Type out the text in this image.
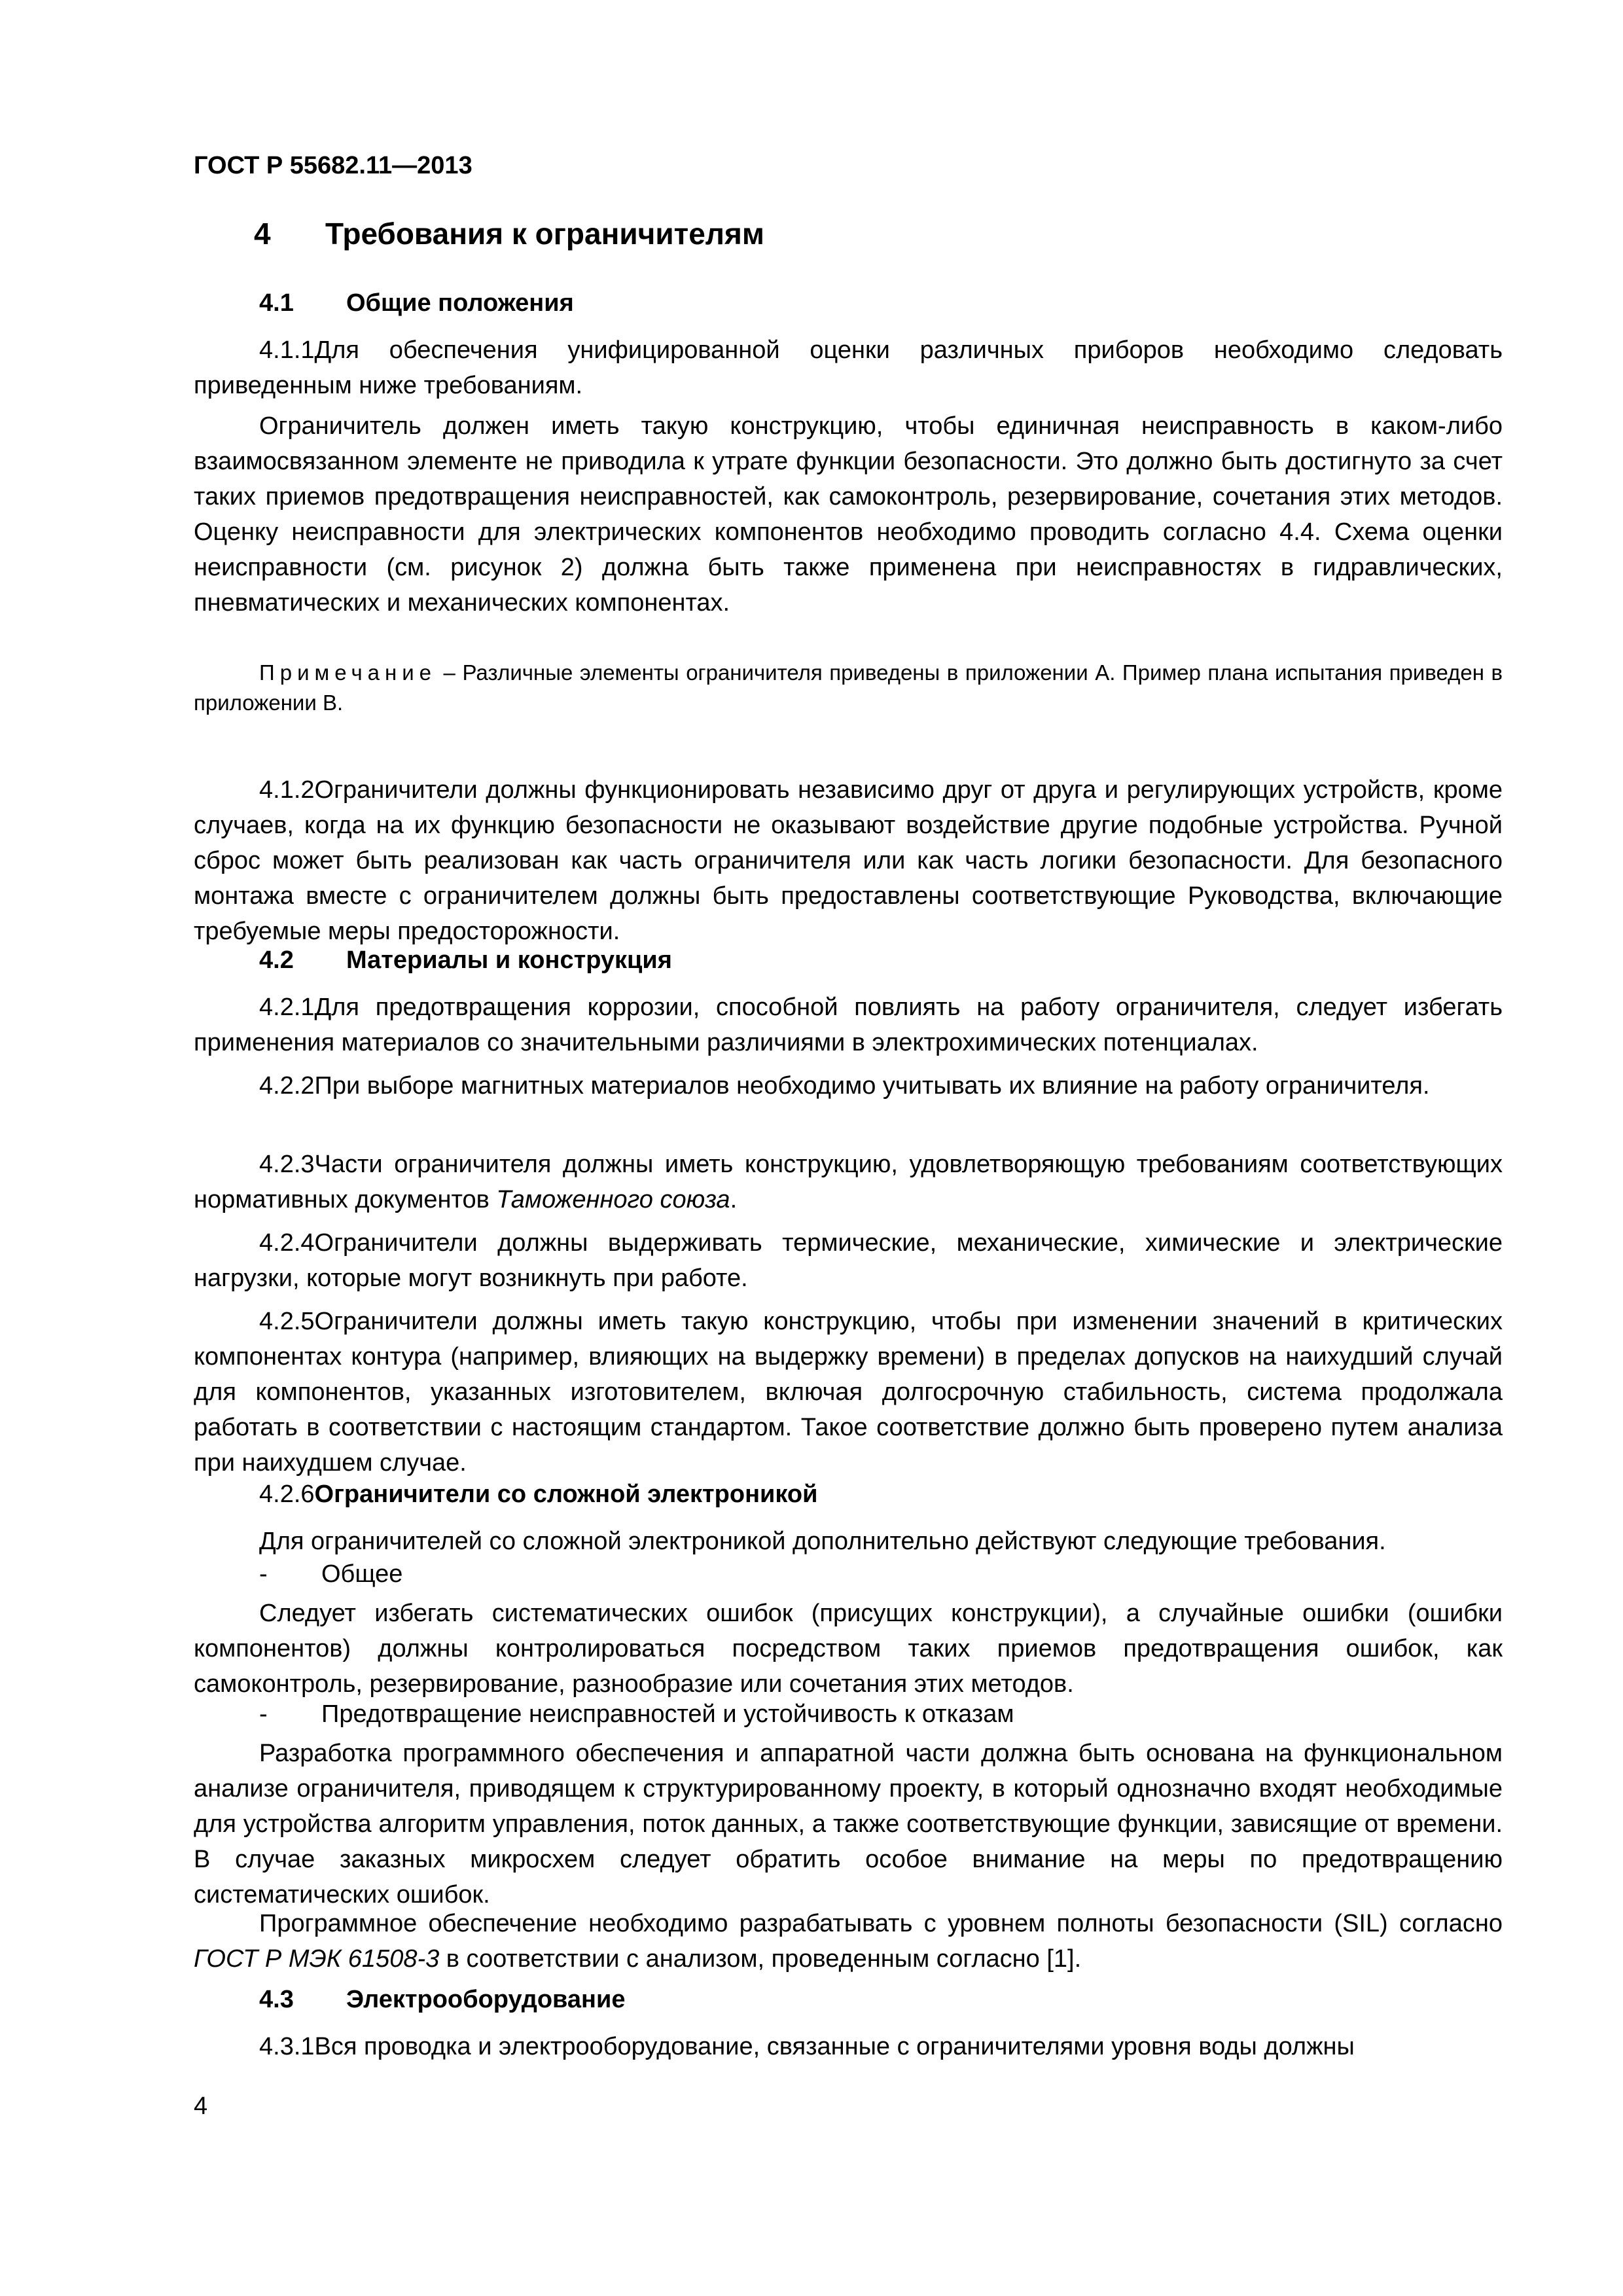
ГОСТ Р 55682.11—2013
4 Требования к ограничителям
4.1 Общие положения

4.1.1Для обеспечения унифицированной оценки различных приборов необходимо следовать приведенным ниже требованиям.

Ограничитель должен иметь такую конструкцию, чтобы единичная неисправность в каком-либо взаимосвязанном элементе не приводила к утрате функции безопасности. Это должно быть достигнуто за счет таких приемов предотвращения неисправностей, как самоконтроль, резервирование, сочетания этих методов. Оценку неисправности для электрических компонентов необходимо проводить согласно 4.4. Схема оценки неисправности (см. рисунок 2) должна быть также применена при неисправностях в гидравлических, пневматических и механических компонентах.

Примечание – Различные элементы ограничителя приведены в приложении А. Пример плана испытания приведен в приложении В.

4.1.2Ограничители должны функционировать независимо друг от друга и регулирующих устройств, кроме случаев, когда на их функцию безопасности не оказывают воздействие другие подобные устройства. Ручной сброс может быть реализован как часть ограничителя или как часть логики безопасности. Для безопасного монтажа вместе с ограничителем должны быть предоставлены соответствующие Руководства, включающие требуемые меры предосторожности.

4.2 Материалы и конструкция

4.2.1Для предотвращения коррозии, способной повлиять на работу ограничителя, следует избегать применения материалов со значительными различиями в электрохимических потенциалах.

4.2.2При выборе магнитных материалов необходимо учитывать их влияние на работу ограничителя.

4.2.3Части ограничителя должны иметь конструкцию, удовлетворяющую требованиям соответствующих нормативных документов Таможенного союза.

4.2.4Ограничители должны выдерживать термические, механические, химические и электрические нагрузки, которые могут возникнуть при работе.

4.2.5Ограничители должны иметь такую конструкцию, чтобы при изменении значений в критических компонентах контура (например, влияющих на выдержку времени) в пределах допусков на наихудший случай для компонентов, указанных изготовителем, включая долгосрочную стабильность, система продолжала работать в соответствии с настоящим стандартом. Такое соответствие должно быть проверено путем анализа при наихудшем случае.

4.2.6Ограничители со сложной электроникой

Для ограничителей со сложной электроникой дополнительно действуют следующие требования.

- Общее

Следует избегать систематических ошибок (присущих конструкции), а случайные ошибки (ошибки компонентов) должны контролироваться посредством таких приемов предотвращения ошибок, как самоконтроль, резервирование, разнообразие или сочетания этих методов.

- Предотвращение неисправностей и устойчивость к отказам

Разработка программного обеспечения и аппаратной части должна быть основана на функциональном анализе ограничителя, приводящем к структурированному проекту, в который однозначно входят необходимые для устройства алгоритм управления, поток данных, а также соответствующие функции, зависящие от времени. В случае заказных микросхем следует обратить особое внимание на меры по предотвращению систематических ошибок.

Программное обеспечение необходимо разрабатывать с уровнем полноты безопасности (SIL) согласно ГОСТ Р МЭК 61508-3 в соответствии с анализом, проведенным согласно [1].

4.3 Электрооборудование

4.3.1Вся проводка и электрооборудование, связанные с ограничителями уровня воды должны

4
